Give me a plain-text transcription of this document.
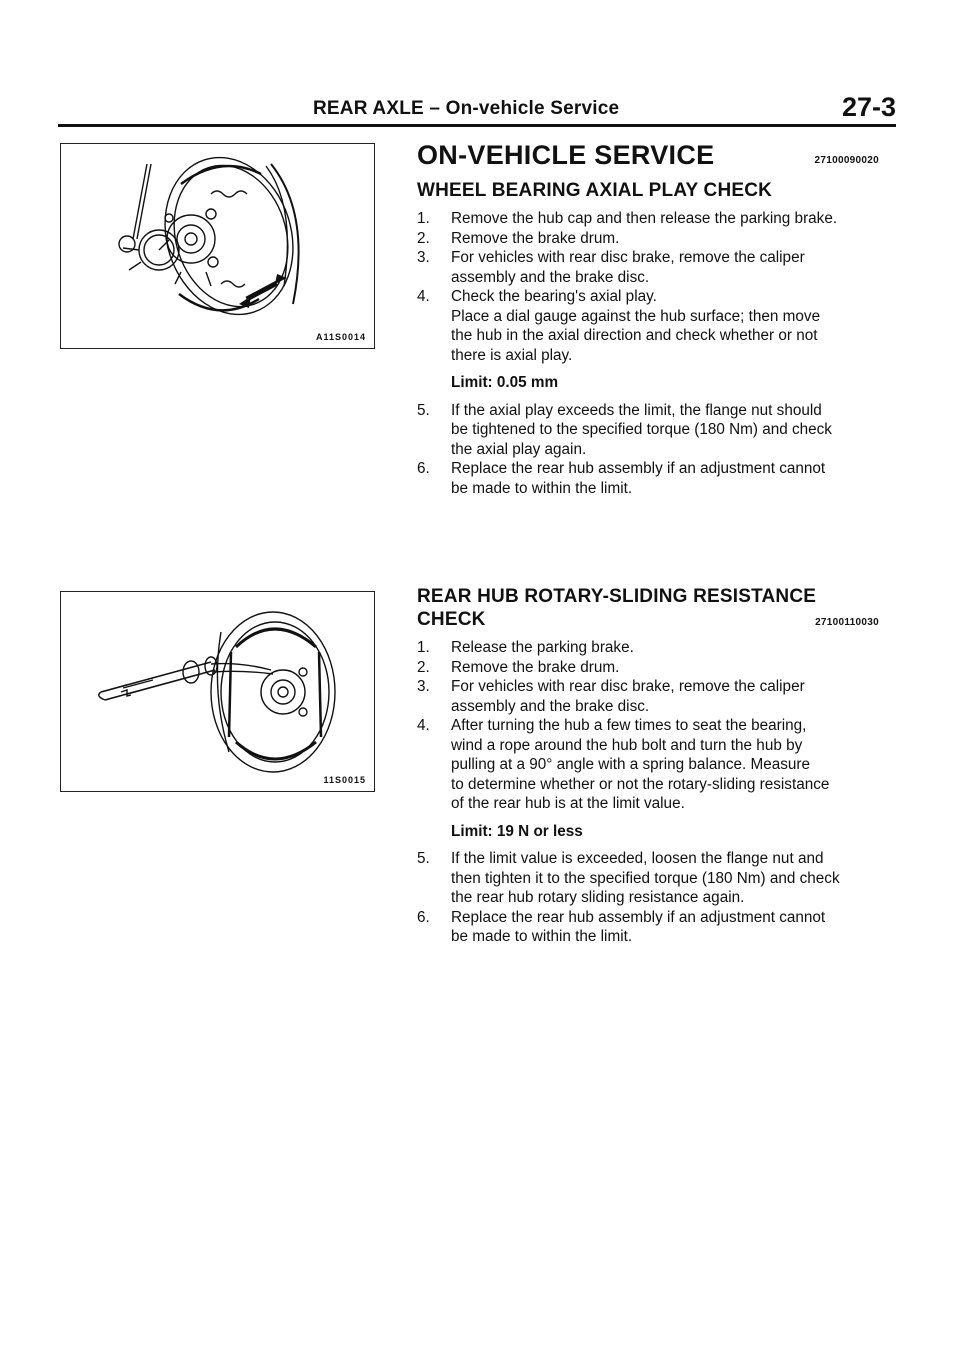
REAR AXLE – On-vehicle Service	27-3
A11S0014
11S0015
ON-VEHICLE SERVICE	27100090020
WHEEL BEARING AXIAL PLAY CHECK
1. Remove the hub cap and then release the parking brake.
2. Remove the brake drum.
3. For vehicles with rear disc brake, remove the caliper
assembly and the brake disc.
4. Check the bearing's axial play.
Place a dial gauge against the hub surface; then move
the hub in the axial direction and check whether or not
there is axial play.
Limit: 0.05 mm
5. If the axial play exceeds the limit, the flange nut should
be tightened to the specified torque (180 Nm) and check
the axial play again.
6. Replace the rear hub assembly if an adjustment cannot
be made to within the limit.
REAR HUB ROTARY-SLIDING RESISTANCE
CHECK	27100110030
1. Release the parking brake.
2. Remove the brake drum.
3. For vehicles with rear disc brake, remove the caliper
assembly and the brake disc.
4. After turning the hub a few times to seat the bearing,
wind a rope around the hub bolt and turn the hub by
pulling at a 90° angle with a spring balance. Measure
to determine whether or not the rotary-sliding resistance
of the rear hub is at the limit value.
Limit: 19 N or less
5. If the limit value is exceeded, loosen the flange nut and
then tighten it to the specified torque (180 Nm) and check
the rear hub rotary sliding resistance again.
6. Replace the rear hub assembly if an adjustment cannot
be made to within the limit.
